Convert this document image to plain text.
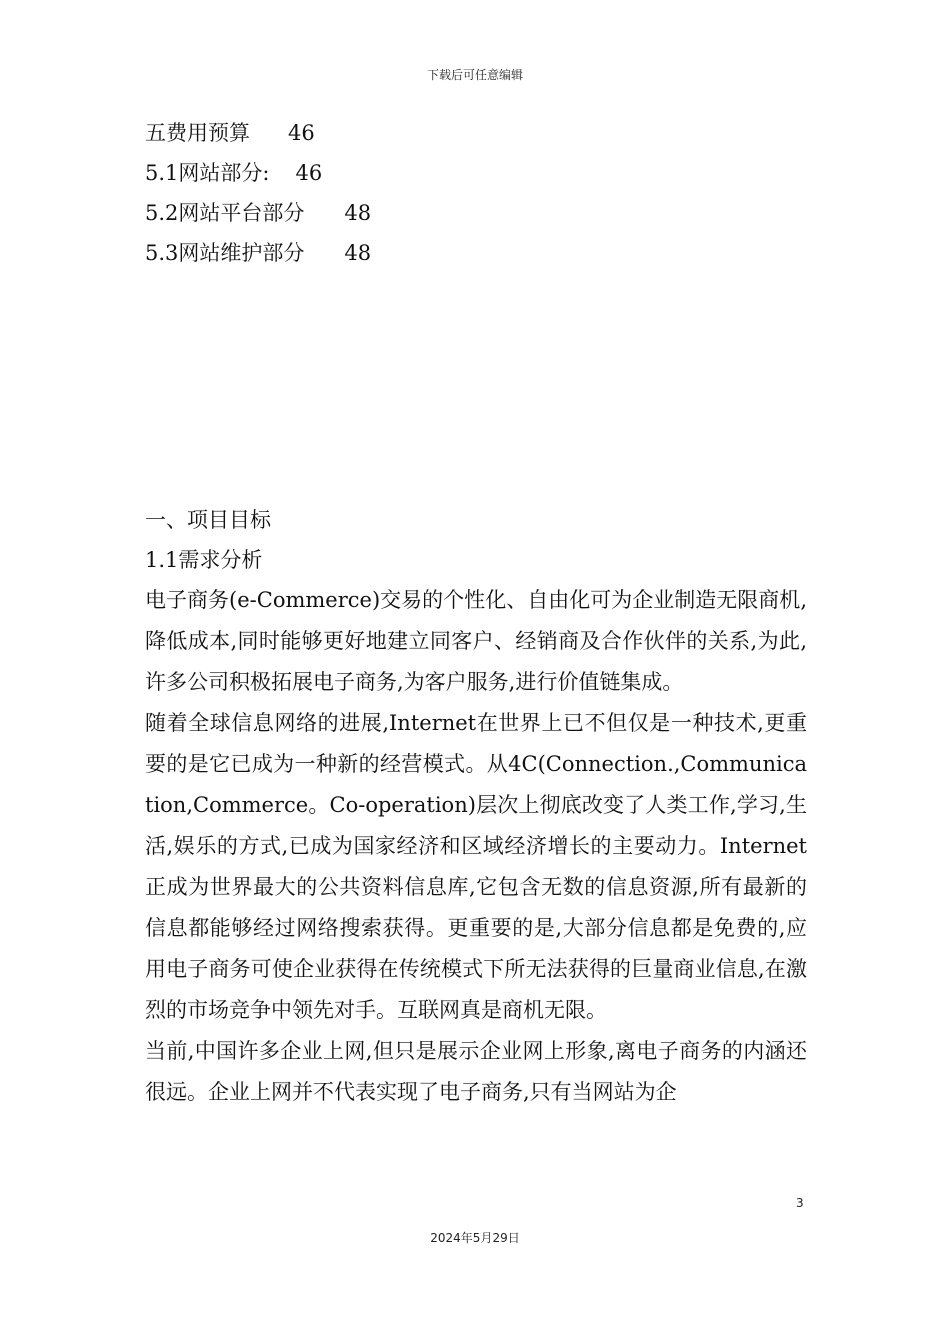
下载后可任意编辑
五费用预算 46
5.1网站部分: 46
5.2网站平台部分 48
5.3网站维护部分 48
一、项目目标
1.1需求分析

电子商务(e-Commerce)交易的个性化、自由化可为企业制造无限商机,降低成本,同时能够更好地建立同客户、经销商及合作伙伴的关系,为此,许多公司积极拓展电子商务,为客户服务,进行价值链集成。

随着全球信息网络的进展,Internet在世界上已不但仅是一种技术,更重要的是它已成为一种新的经营模式。从4C(Connection.,Communication,Commerce。Co-operation)层次上彻底改变了人类工作,学习,生活,娱乐的方式,已成为国家经济和区域经济增长的主要动力。Internet正成为世界最大的公共资料信息库,它包含无数的信息资源,所有最新的信息都能够经过网络搜索获得。更重要的是,大部分信息都是免费的,应用电子商务可使企业获得在传统模式下所无法获得的巨量商业信息,在激烈的市场竞争中领先对手。互联网真是商机无限。

当前,中国许多企业上网,但只是展示企业网上形象,离电子商务的内涵还很远。企业上网并不代表实现了电子商务,只有当网站为企

3
2024年5月29日
